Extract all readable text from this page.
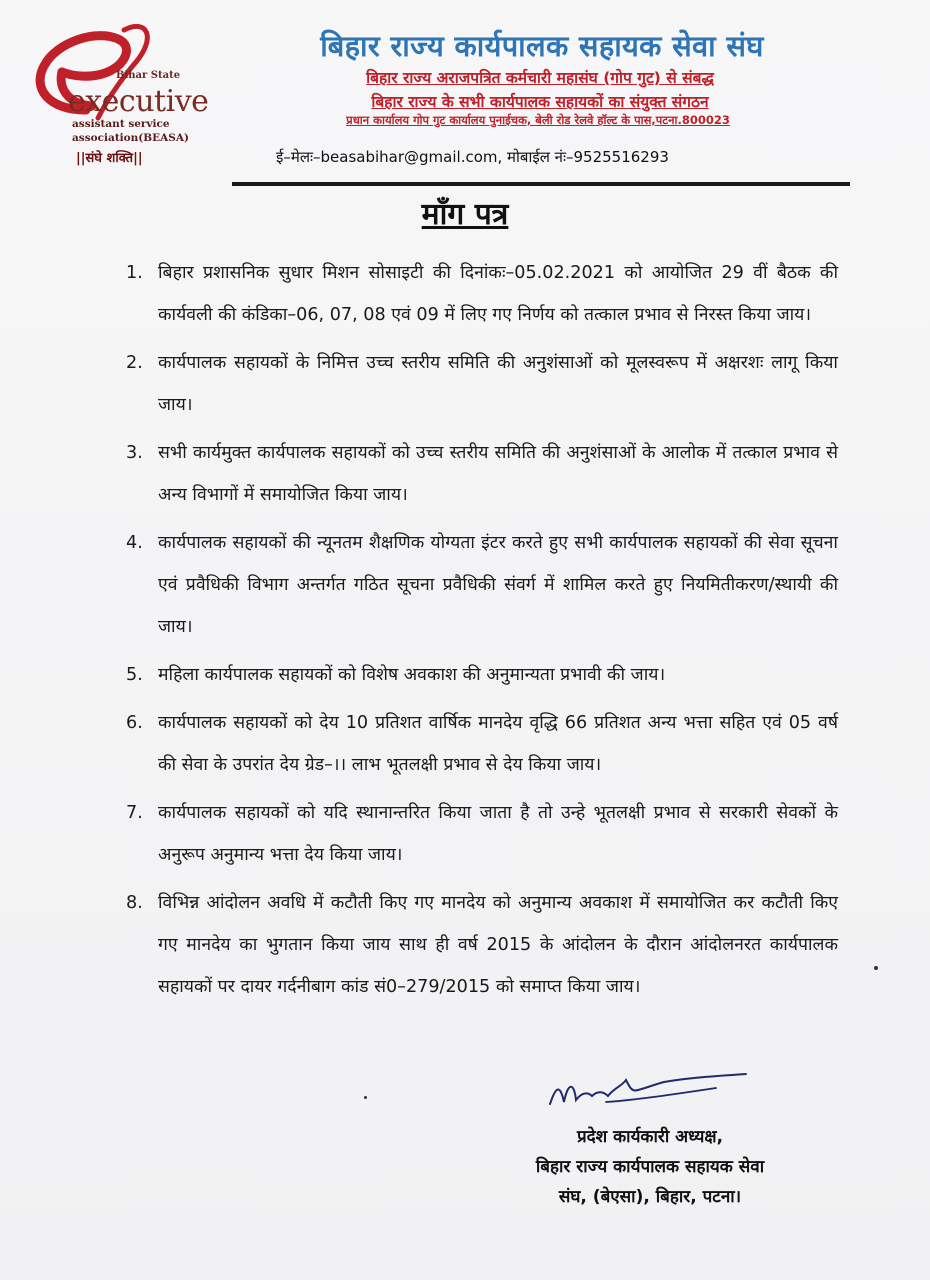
Bihar State
executive
assistant service
association(BEASA)
||संघे शक्ति||
बिहार राज्य कार्यपालक सहायक सेवा संघ
बिहार राज्य अराजपत्रित कर्मचारी महासंघ (गोप गुट) से संबद्ध
बिहार राज्य के सभी कार्यपालक सहायकों का संयुक्त संगठन
प्रधान कार्यालय गोप गुट कार्यालय पुनाईचक, बेली रोड रेलवे हॉल्ट के पास,पटना.800023
ई–मेलः–beasabihar@gmail.com, मोबाईल नंः–9525516293
माँग पत्र
1. बिहार प्रशासनिक सुधार मिशन सोसाइटी की दिनांकः–05.02.2021 को आयोजित 29 वीं बैठक की कार्यवली की कंडिका–06, 07, 08 एवं 09 में लिए गए निर्णय को तत्काल प्रभाव से निरस्त किया जाय।
2. कार्यपालक सहायकों के निमित्त उच्च स्तरीय समिति की अनुशंसाओं को मूलस्वरूप में अक्षरशः लागू किया जाय।
3. सभी कार्यमुक्त कार्यपालक सहायकों को उच्च स्तरीय समिति की अनुशंसाओं के आलोक में तत्काल प्रभाव से अन्य विभागों में समायोजित किया जाय।
4. कार्यपालक सहायकों की न्यूनतम शैक्षणिक योग्यता इंटर करते हुए सभी कार्यपालक सहायकों की सेवा सूचना एवं प्रवैधिकी विभाग अन्तर्गत गठित सूचना प्रवैधिकी संवर्ग में शामिल करते हुए नियमितीकरण/स्थायी की जाय।
5. महिला कार्यपालक सहायकों को विशेष अवकाश की अनुमान्यता प्रभावी की जाय।
6. कार्यपालक सहायकों को देय 10 प्रतिशत वार्षिक मानदेय वृद्धि 66 प्रतिशत अन्य भत्ता सहित एवं 05 वर्ष की सेवा के उपरांत देय ग्रेड–।। लाभ भूतलक्षी प्रभाव से देय किया जाय।
7. कार्यपालक सहायकों को यदि स्थानान्तरित किया जाता है तो उन्हे भूतलक्षी प्रभाव से सरकारी सेवकों के अनुरूप अनुमान्य भत्ता देय किया जाय।
8. विभिन्न आंदोलन अवधि में कटौती किए गए मानदेय को अनुमान्य अवकाश में समायोजित कर कटौती किए गए मानदेय का भुगतान किया जाय साथ ही वर्ष 2015 के आंदोलन के दौरान आंदोलनरत कार्यपालक सहायकों पर दायर गर्दनीबाग कांड सं0–279/2015 को समाप्त किया जाय।
प्रदेश कार्यकारी अध्यक्ष,
बिहार राज्य कार्यपालक सहायक सेवा
संघ, (बेएसा), बिहार, पटना।
